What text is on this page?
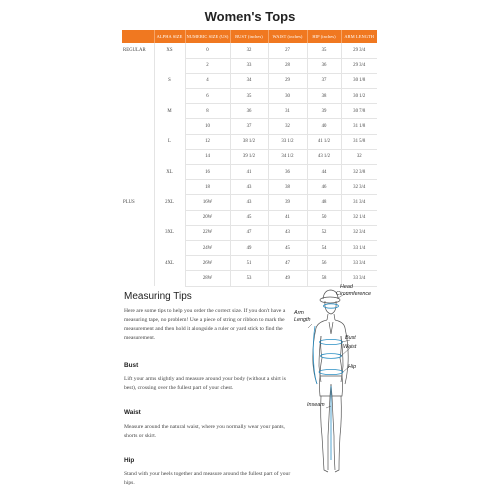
Women's Tops
	ALPHA SIZE	NUMERIC SIZE (US)	BUST (inches)	WAIST (inches)	HIP (inches)	ARM LENGTH
REGULAR	XS	0	32	27	35	29 3/4
		2	33	28	36	29 3/4
	S	4	34	29	37	30 1/8
		6	35	30	38	30 1/2
	M	8	36	31	39	30 7/8
		10	37	32	40	31 1/8
	L	12	38 1/2	33 1/2	41 1/2	31 5/8
		14	39 1/2	34 1/2	43 1/2	32
	XL	16	41	36	44	32 3/8
		18	43	38	46	32 3/4
PLUS	2XL	16W	43	39	48	31 3/4
		20W	45	41	50	32 1/4
	3XL	22W	47	43	52	32 3/4
		24W	49	45	54	33 1/4
	4XL	26W	51	47	56	33 3/4
		28W	53	49	58	33 3/4
Measuring Tips
Here are some tips to help you order the correct size. If you don't have a measuring tape, no problem! Use a piece of string or ribbon to mark the measurement and then hold it alongside a ruler or yard stick to find the measurement.
Bust
Lift your arms slightly and measure around your body (without a shirt is best), crossing over the fullest part of your chest.
Waist
Measure around the natural waist, where you normally wear your pants, shorts or skirt.
Hip
Stand with your heels together and measure around the fullest part of your hips.
Head
Circumference
Arm
Length
Bust
Waist
Hip
Inseam
